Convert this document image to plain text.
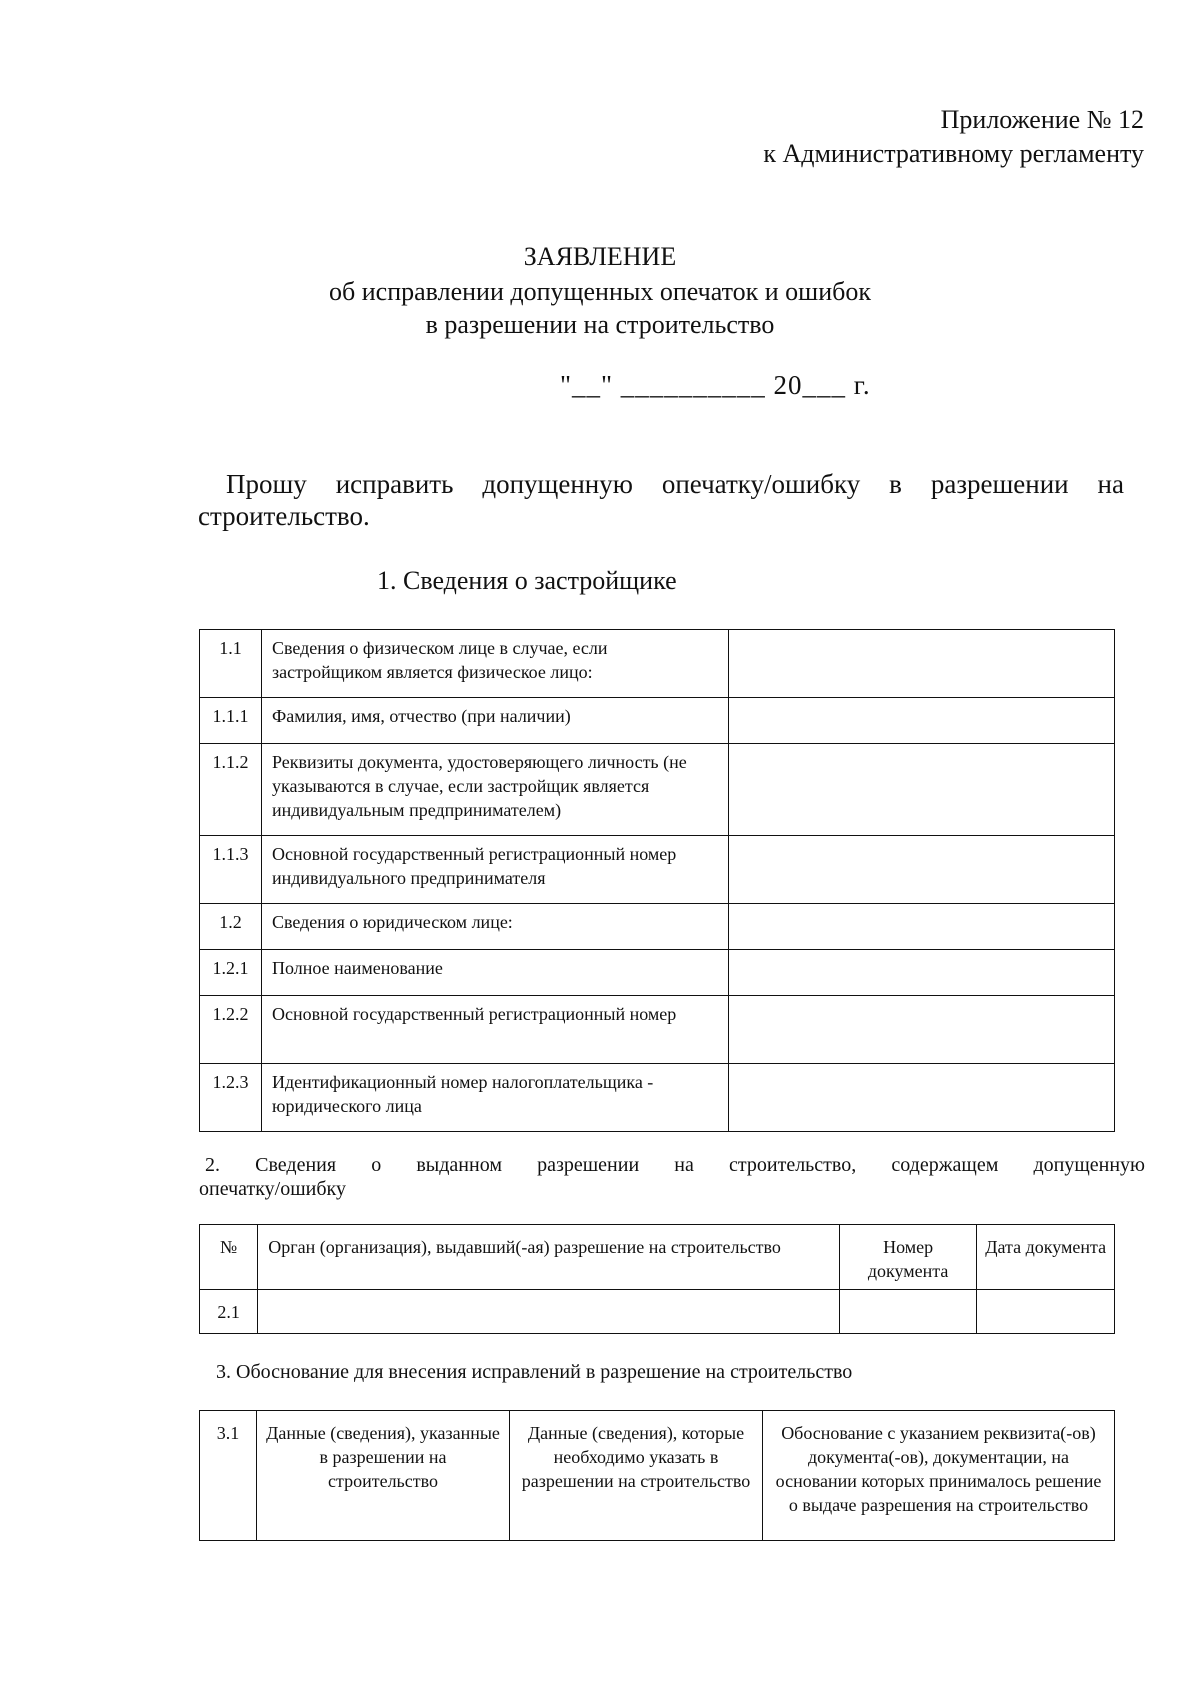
Приложение № 12
к Административному регламенту
ЗАЯВЛЕНИЕ
об исправлении допущенных опечаток и ошибок
в разрешении на строительство
"__" __________ 20___ г.
Прошу исправить допущенную опечатку/ошибку в разрешении на
строительство.
1. Сведения о застройщике
1.1	Сведения о физическом лице в случае, если застройщиком является физическое лицо:	
1.1.1	Фамилия, имя, отчество (при наличии)	
1.1.2	Реквизиты документа, удостоверяющего личность (не указываются в случае, если застройщик является индивидуальным предпринимателем)	
1.1.3	Основной государственный регистрационный номер индивидуального предпринимателя	
1.2	Сведения о юридическом лице:	
1.2.1	Полное наименование	
1.2.2	Основной государственный регистрационный номер	
1.2.3	Идентификационный номер налогоплательщика - юридического лица	
2. Сведения о выданном разрешении на строительство, содержащем допущенную
опечатку/ошибку
№	Орган (организация), выдавший(-ая) разрешение на строительство	Номер документа	Дата документа
2.1			
3. Обоснование для внесения исправлений в разрешение на строительство
3.1	Данные (сведения), указанные в разрешении на строительство	Данные (сведения), которые необходимо указать в разрешении на строительство	Обоснование с указанием реквизита(-ов) документа(-ов), документации, на основании которых принималось решение о выдаче разрешения на строительство
